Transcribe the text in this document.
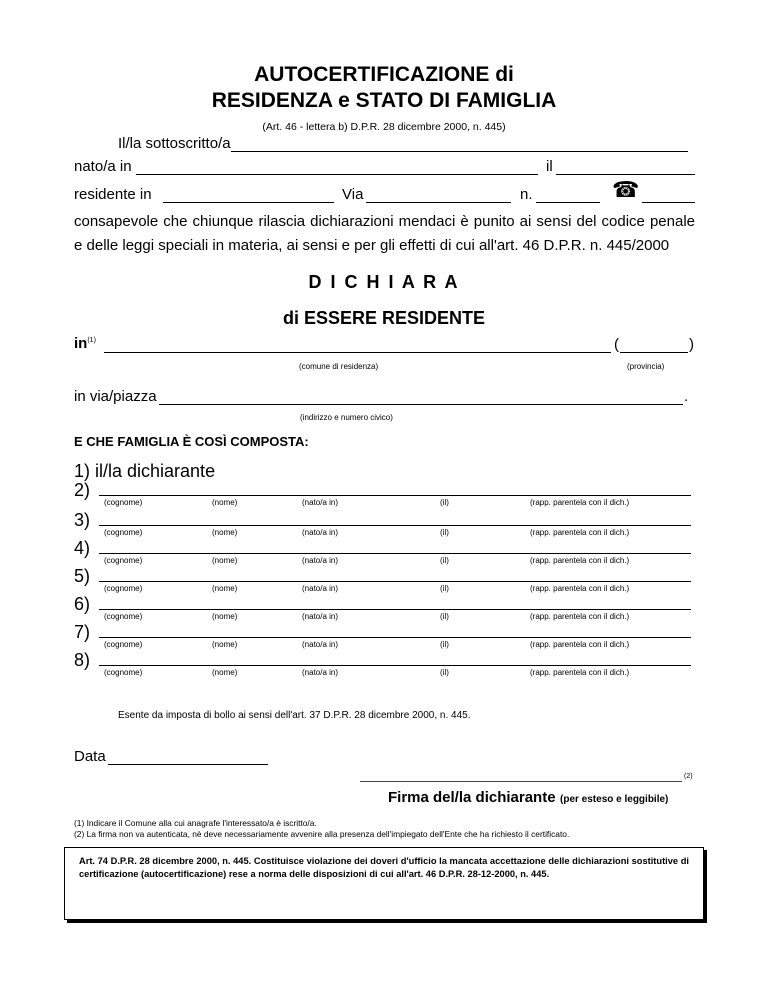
AUTOCERTIFICAZIONE di
RESIDENZA e STATO DI FAMIGLIA
(Art. 46 - lettera b) D.P.R. 28 dicembre 2000, n. 445)
Il/la sottoscritto/a
nato/a in	il
residente in	Via	n.	☎
consapevole che chiunque rilascia dichiarazioni mendaci è punito ai sensi del codice penale e delle leggi speciali in materia, ai sensi e per gli effetti di cui all'art. 46 D.P.R. n. 445/2000
D I C H I A R A
di ESSERE RESIDENTE
$in^{(1)}$	(	)
(comune di residenza)	(provincia)
in via/piazza	.
(indirizzo e numero civico)
E CHE FAMIGLIA È COSÌ COMPOSTA:
1) il/la dichiarante
2)
(cognome)	(nome)	(nato/a in)	(il)	(rapp. parentela con il dich.)
3)
(cognome)	(nome)	(nato/a in)	(il)	(rapp. parentela con il dich.)
4)
(cognome)	(nome)	(nato/a in)	(il)	(rapp. parentela con il dich.)
5)
(cognome)	(nome)	(nato/a in)	(il)	(rapp. parentela con il dich.)
6)
(cognome)	(nome)	(nato/a in)	(il)	(rapp. parentela con il dich.)
7)
(cognome)	(nome)	(nato/a in)	(il)	(rapp. parentela con il dich.)
8)
(cognome)	(nome)	(nato/a in)	(il)	(rapp. parentela con il dich.)
Esente da imposta di bollo ai sensi dell'art. 37 D.P.R. 28 dicembre 2000, n. 445.
Data
(2)
Firma del/la dichiarante (per esteso e leggibile)
(1) Indicare il Comune alla cui anagrafe l'interessato/a è iscritto/a.
(2) La firma non va autenticata, nè deve necessariamente avvenire alla presenza dell'impiegato dell'Ente che ha richiesto il certificato.
Art. 74 D.P.R. 28 dicembre 2000, n. 445. Costituisce violazione dei doveri d'ufficio la mancata accettazione delle dichiarazioni sostitutive di certificazione (autocertificazione) rese a norma delle disposizioni di cui all'art. 46 D.P.R. 28-12-2000, n. 445.
